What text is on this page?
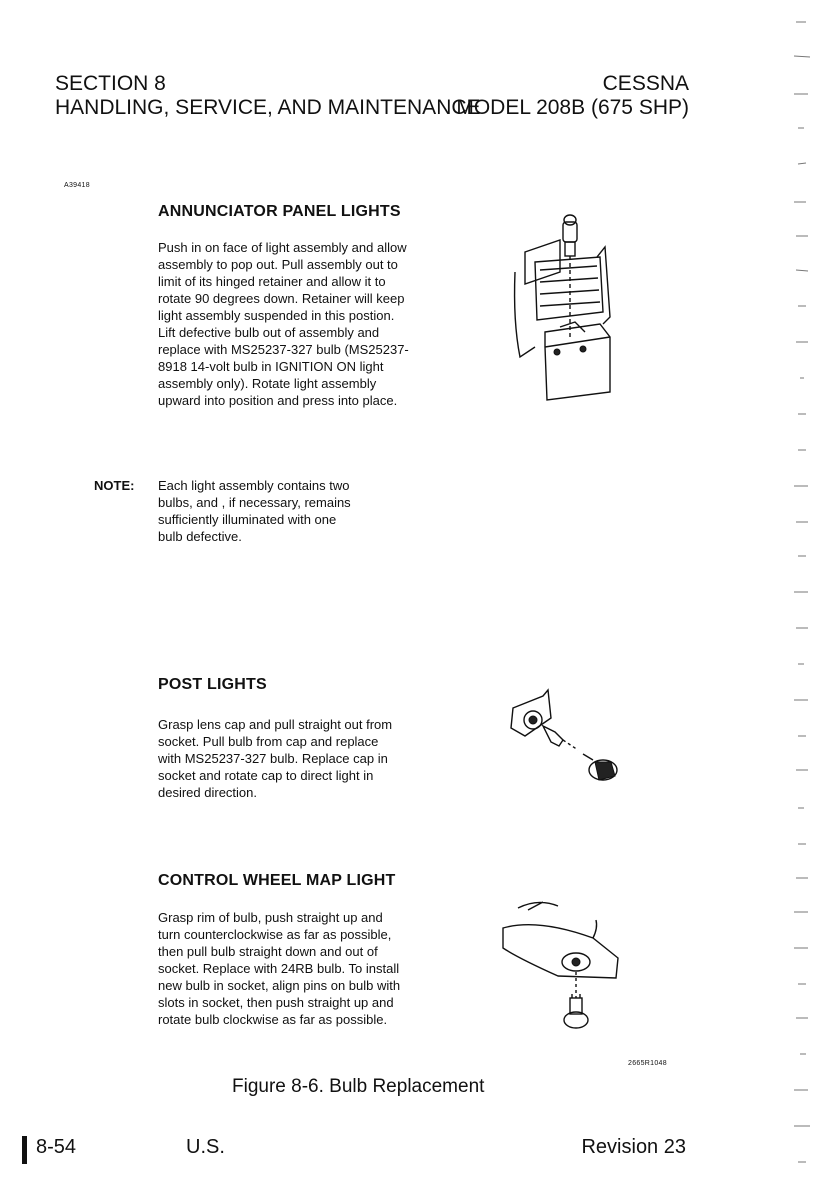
SECTION 8
HANDLING, SERVICE, AND MAINTENANCE
CESSNA
MODEL 208B (675 SHP)
A39418
ANNUNCIATOR PANEL LIGHTS
Push in on face of light assembly and allow
assembly to pop out. Pull assembly out to
limit of its hinged retainer and allow it to
rotate 90 degrees down. Retainer will keep
light assembly suspended in this postion.
Lift defective bulb out of assembly and
replace with MS25237-327 bulb (MS25237-
8918 14-volt bulb in IGNITION ON light
assembly only). Rotate light assembly
upward into position and press into place.
NOTE: Each light assembly contains two
bulbs, and , if necessary, remains
sufficiently illuminated with one
bulb defective.
POST LIGHTS
Grasp lens cap and pull straight out from
socket. Pull bulb from cap and replace
with MS25237-327 bulb. Replace cap in
socket and rotate cap to direct light in
desired direction.
CONTROL WHEEL MAP LIGHT
Grasp rim of bulb, push straight up and
turn counterclockwise as far as possible,
then pull bulb straight down and out of
socket. Replace with 24RB bulb. To install
new bulb in socket, align pins on bulb with
slots in socket, then push straight up and
rotate bulb clockwise as far as possible.
2665R1048
Figure 8-6. Bulb Replacement
8-54	U.S.	Revision 23
